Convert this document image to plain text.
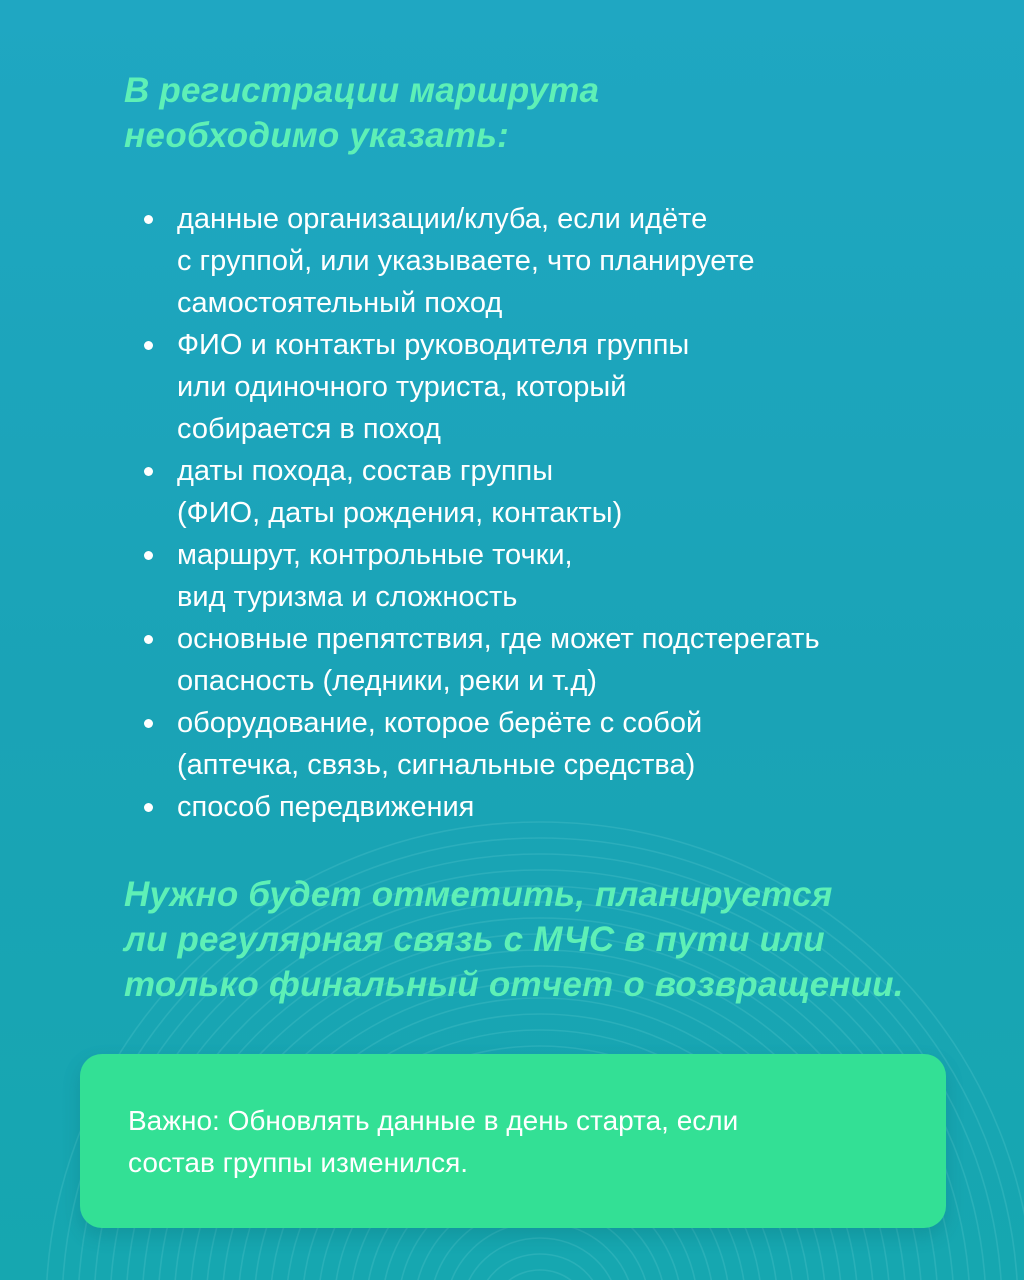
В регистрации маршрута
необходимо указать:
данные организации/клуба, если идёте
с группой, или указываете, что планируете
самостоятельный поход
ФИО и контакты руководителя группы
или одиночного туриста, который
собирается в поход
даты похода, состав группы
(ФИО, даты рождения, контакты)
маршрут, контрольные точки,
вид туризма и сложность
основные препятствия, где может подстерегать
опасность (ледники, реки и т.д)
оборудование, которое берёте с собой
(аптечка, связь, сигнальные средства)
способ передвижения
Нужно будет отметить, планируется
ли регулярная связь с МЧС в пути или
только финальный отчет о возвращении.

Важно: Обновлять данные в день старта, если
состав группы изменился.
